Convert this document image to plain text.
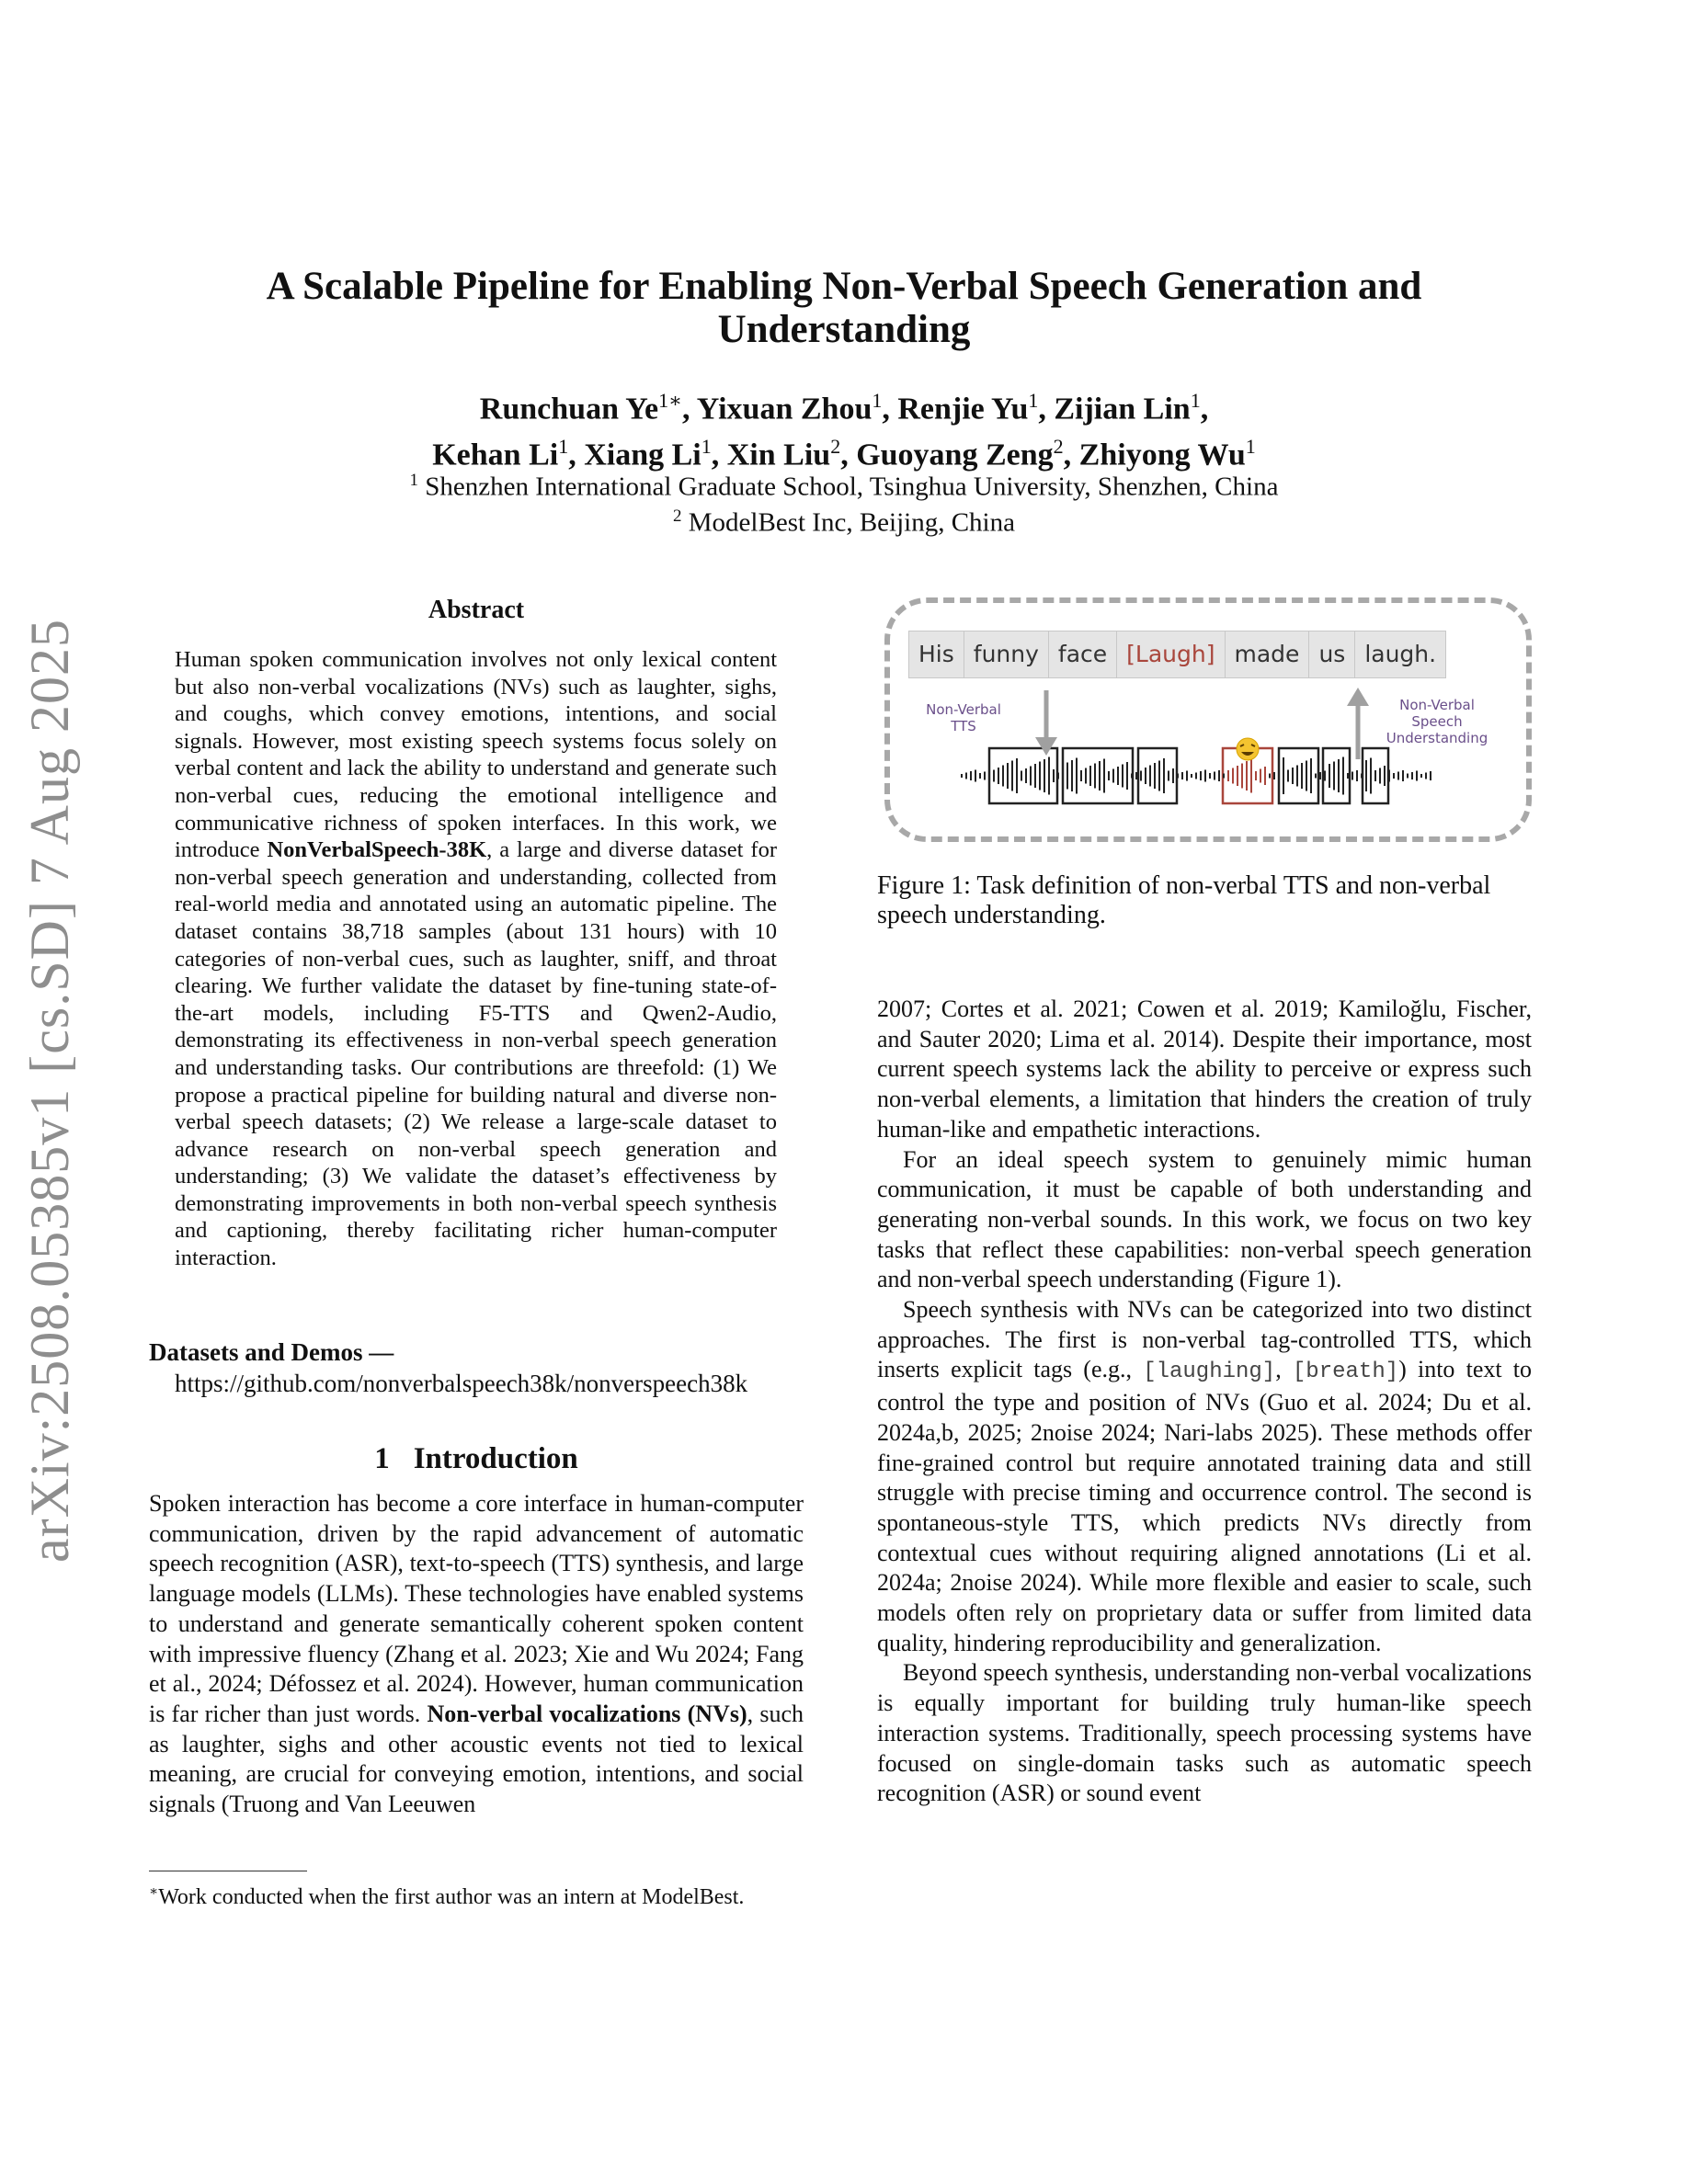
arXiv:2508.05385v1 [cs.SD] 7 Aug 2025
A Scalable Pipeline for Enabling Non-Verbal Speech Generation and
Understanding
Runchuan $Ye^{1∗}$, Yixuan Zhou$^1$, Renjie Yu$^1$, Zijian Lin$^1$,
Kehan Li$^1$, Xiang Li$^1$, Xin Liu$^2$, Guoyang Zeng$^2$, Zhiyong Wu$^1$
$^1$ Shenzhen International Graduate School, Tsinghua University, Shenzhen, China
$^2$ ModelBest Inc, Beijing, China
Abstract

Human spoken communication involves not only lexical content but also non-verbal vocalizations (NVs) such as laughter, sighs, and coughs, which convey emotions, intentions, and social signals. However, most existing speech systems focus solely on verbal content and lack the ability to understand and generate such non-verbal cues, reducing the emotional intelligence and communicative richness of spoken interfaces. In this work, we introduce NonVerbalSpeech-38K, a large and diverse dataset for non-verbal speech generation and understanding, collected from real-world media and annotated using an automatic pipeline. The dataset contains 38,718 samples (about 131 hours) with 10 categories of non-verbal cues, such as laughter, sniff, and throat clearing. We further validate the dataset by fine-tuning state-of-the-art models, including F5-TTS and Qwen2-Audio, demonstrating its effectiveness in non-verbal speech generation and understanding tasks. Our contributions are threefold: (1) We propose a practical pipeline for building natural and diverse non-verbal speech datasets; (2) We release a large-scale dataset to advance research on non-verbal speech generation and understanding; (3) We validate the dataset’s effectiveness by demonstrating improvements in both non-verbal speech synthesis and captioning, thereby facilitating richer human-computer interaction.

Datasets and Demos —
https://github.com/nonverbalspeech38k/nonverspeech38k
1 Introduction

Spoken interaction has become a core interface in human-computer communication, driven by the rapid advancement of automatic speech recognition (ASR), text-to-speech (TTS) synthesis, and large language models (LLMs). These technologies have enabled systems to understand and generate semantically coherent spoken content with impressive fluency (Zhang et al. 2023; Xie and Wu 2024; Fang et al., 2024; Défossez et al. 2024). However, human communication is far richer than just words. Non-verbal vocalizations (NVs), such as laughter, sighs and other acoustic events not tied to lexical meaning, are crucial for conveying emotion, intentions, and social signals (Truong and Van Leeuwen

∗Work conducted when the first author was an intern at ModelBest.
His funny face [Laugh] made us laugh.
Non-Verbal
TTS
Non-Verbal
Speech
Understanding
Figure 1: Task definition of non-verbal TTS and non-verbal speech understanding.

2007; Cortes et al. 2021; Cowen et al. 2019; Kamiloğlu, Fischer, and Sauter 2020; Lima et al. 2014). Despite their importance, most current speech systems lack the ability to perceive or express such non-verbal elements, a limitation that hinders the creation of truly human-like and empathetic interactions.

For an ideal speech system to genuinely mimic human communication, it must be capable of both understanding and generating non-verbal sounds. In this work, we focus on two key tasks that reflect these capabilities: non-verbal speech generation and non-verbal speech understanding (Figure 1).

Speech synthesis with NVs can be categorized into two distinct approaches. The first is non-verbal tag-controlled TTS, which inserts explicit tags (e.g., [laughing], [breath]) into text to control the type and position of NVs (Guo et al. 2024; Du et al. 2024a,b, 2025; 2noise 2024; Nari-labs 2025). These methods offer fine-grained control but require annotated training data and still struggle with precise timing and occurrence control. The second is spontaneous-style TTS, which predicts NVs directly from contextual cues without requiring aligned annotations (Li et al. 2024a; 2noise 2024). While more flexible and easier to scale, such models often rely on proprietary data or suffer from limited data quality, hindering reproducibility and generalization.

Beyond speech synthesis, understanding non-verbal vocalizations is equally important for building truly human-like speech interaction systems. Traditionally, speech processing systems have focused on single-domain tasks such as automatic speech recognition (ASR) or sound event
